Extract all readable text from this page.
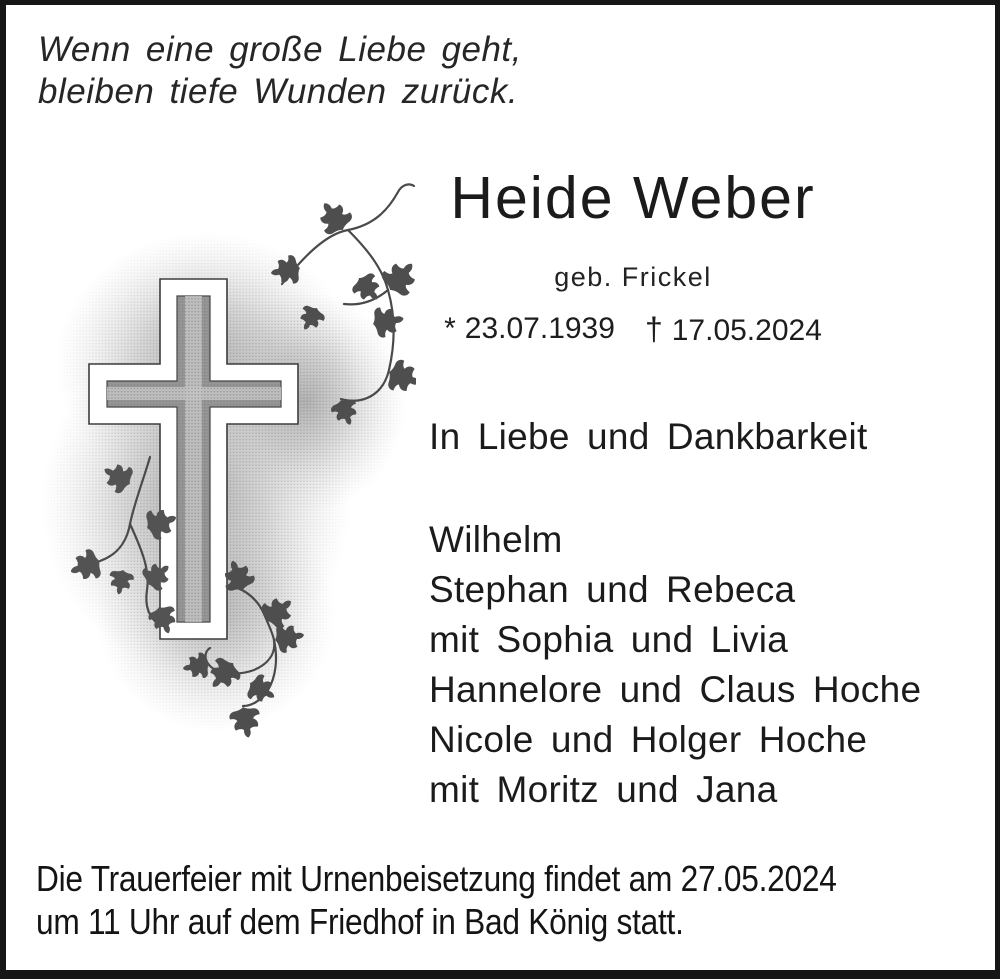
Wenn eine große Liebe geht,
bleiben tiefe Wunden zurück.
Heide Weber
geb. Frickel
* 23.07.1939 † 17.05.2024
In Liebe und Dankbarkeit
Wilhelm
Stephan und Rebeca
mit Sophia und Livia
Hannelore und Claus Hoche
Nicole und Holger Hoche
mit Moritz und Jana
Die Trauerfeier mit Urnenbeisetzung findet am 27.05.2024
um 11 Uhr auf dem Friedhof in Bad König statt.
